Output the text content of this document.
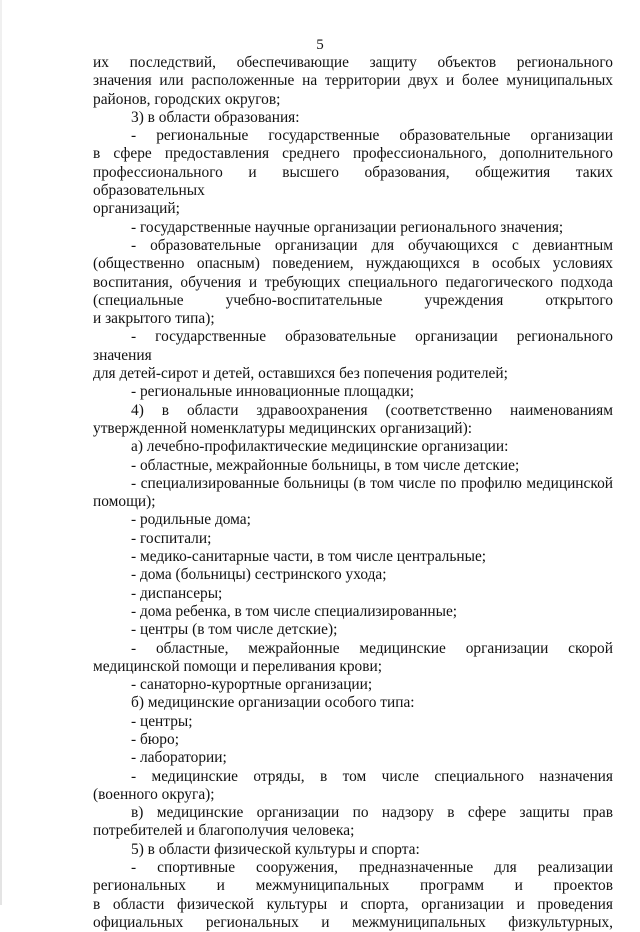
5

их последствий, обеспечивающие защиту объектов регионального

значения или расположенные на территории двух и более муниципальных

районов, городских округов;

3) в области образования:

- региональные государственные образовательные организации

в сфере предоставления среднего профессионального, дополнительного

профессионального и высшего образования, общежития таких образовательных

организаций;

- государственные научные организации регионального значения;

- образовательные организации для обучающихся с девиантным

(общественно опасным) поведением, нуждающихся в особых условиях

воспитания, обучения и требующих специального педагогического подхода

(специальные учебно-воспитательные учреждения открытого

и закрытого типа);

- государственные образовательные организации регионального значения

для детей-сирот и детей, оставшихся без попечения родителей;

- региональные инновационные площадки;

4) в области здравоохранения (соответственно наименованиям

утвержденной номенклатуры медицинских организаций):

а) лечебно-профилактические медицинские организации:

- областные, межрайонные больницы, в том числе детские;

- специализированные больницы (в том числе по профилю медицинской

помощи);

- родильные дома;

- госпитали;

- медико-санитарные части, в том числе центральные;

- дома (больницы) сестринского ухода;

- диспансеры;

- дома ребенка, в том числе специализированные;

- центры (в том числе детские);

- областные, межрайонные медицинские организации скорой

медицинской помощи и переливания крови;

- санаторно-курортные организации;

б) медицинские организации особого типа:

- центры;

- бюро;

- лаборатории;

- медицинские отряды, в том числе специального назначения

(военного округа);

в) медицинские организации по надзору в сфере защиты прав

потребителей и благополучия человека;

5) в области физической культуры и спорта:

- спортивные сооружения, предназначенные для реализации

региональных и межмуниципальных программ и проектов

в области физической культуры и спорта, организации и проведения

официальных региональных и межмуниципальных физкультурных,
